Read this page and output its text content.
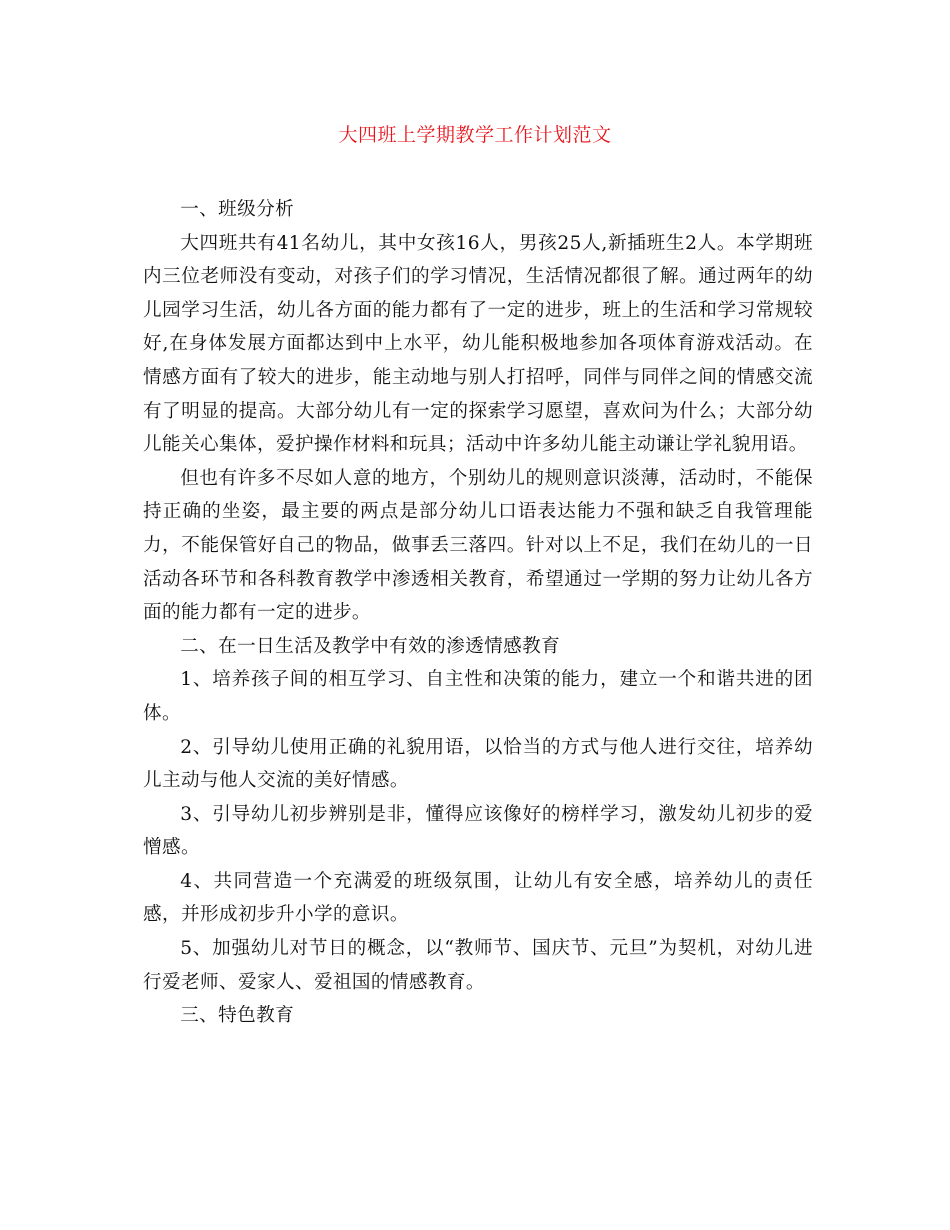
大四班上学期教学工作计划范文

一、班级分析

大四班共有41名幼儿，其中女孩16人，男孩25人,新插班生2人。本学期班内三位老师没有变动，对孩子们的学习情况，生活情况都很了解。通过两年的幼儿园学习生活，幼儿各方面的能力都有了一定的进步，班上的生活和学习常规较好,在身体发展方面都达到中上水平，幼儿能积极地参加各项体育游戏活动。在情感方面有了较大的进步，能主动地与别人打招呼，同伴与同伴之间的情感交流有了明显的提高。大部分幼儿有一定的探索学习愿望，喜欢问为什么；大部分幼儿能关心集体，爱护操作材料和玩具；活动中许多幼儿能主动谦让学礼貌用语。

但也有许多不尽如人意的地方，个别幼儿的规则意识淡薄，活动时，不能保持正确的坐姿，最主要的两点是部分幼儿口语表达能力不强和缺乏自我管理能力，不能保管好自己的物品，做事丢三落四。针对以上不足，我们在幼儿的一日活动各环节和各科教育教学中渗透相关教育，希望通过一学期的努力让幼儿各方面的能力都有一定的进步。

二、在一日生活及教学中有效的渗透情感教育

1、培养孩子间的相互学习、自主性和决策的能力，建立一个和谐共进的团体。

2、引导幼儿使用正确的礼貌用语，以恰当的方式与他人进行交往，培养幼儿主动与他人交流的美好情感。

3、引导幼儿初步辨别是非，懂得应该像好的榜样学习，激发幼儿初步的爱憎感。

4、共同营造一个充满爱的班级氛围，让幼儿有安全感，培养幼儿的责任感，并形成初步升小学的意识。

5、加强幼儿对节日的概念，以“教师节、国庆节、元旦”为契机，对幼儿进行爱老师、爱家人、爱祖国的情感教育。

三、特色教育
